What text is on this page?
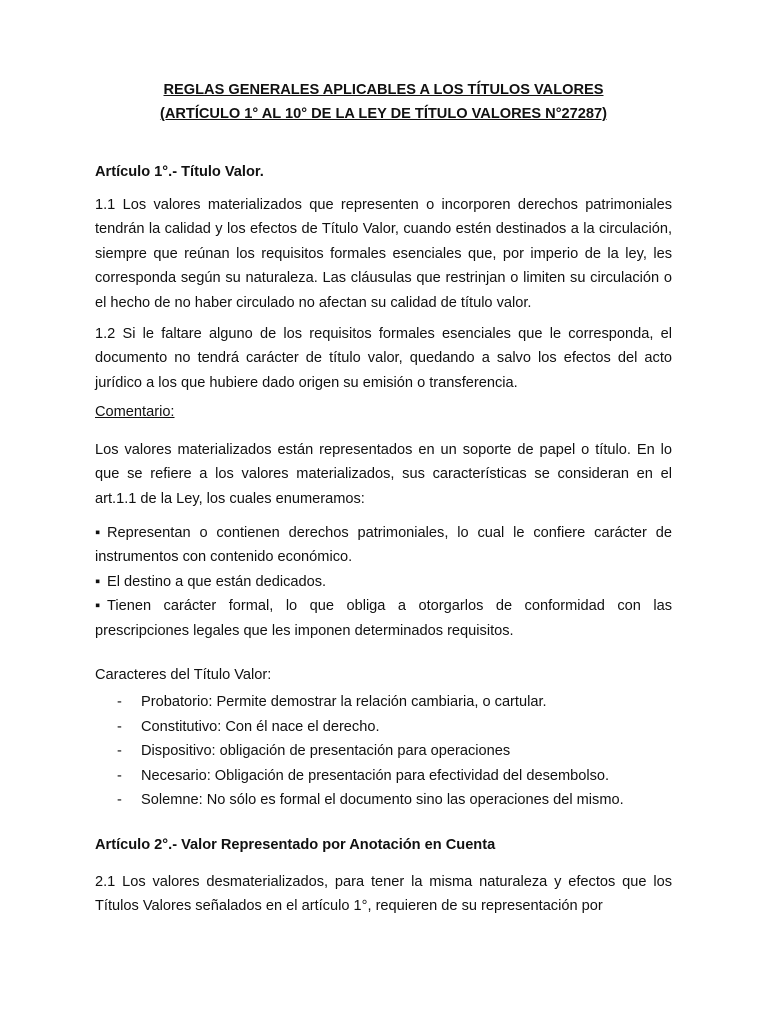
REGLAS GENERALES APLICABLES A LOS TÍTULOS VALORES
(ARTÍCULO 1° AL 10° DE LA LEY DE TÍTULO VALORES N°27287)

Artículo 1°.- Título Valor.

1.1 Los valores materializados que representen o incorporen derechos patrimoniales tendrán la calidad y los efectos de Título Valor, cuando estén destinados a la circulación, siempre que reúnan los requisitos formales esenciales que, por imperio de la ley, les corresponda según su naturaleza. Las cláusulas que restrinjan o limiten su circulación o el hecho de no haber circulado no afectan su calidad de título valor.

1.2 Si le faltare alguno de los requisitos formales esenciales que le corresponda, el documento no tendrá carácter de título valor, quedando a salvo los efectos del acto jurídico a los que hubiere dado origen su emisión o transferencia.

Comentario:

Los valores materializados están representados en un soporte de papel o título. En lo que se refiere a los valores materializados, sus características se consideran en el art.1.1 de la Ley, los cuales enumeramos:

▪ Representan o contienen derechos patrimoniales, lo cual le confiere carácter de instrumentos con contenido económico.
▪ El destino a que están dedicados.
▪ Tienen carácter formal, lo que obliga a otorgarlos de conformidad con las prescripciones legales que les imponen determinados requisitos.

Caracteres del Título Valor:

- Probatorio: Permite demostrar la relación cambiaria, o cartular.
- Constitutivo: Con él nace el derecho.
- Dispositivo: obligación de presentación para operaciones
- Necesario: Obligación de presentación para efectividad del desembolso.
- Solemne: No sólo es formal el documento sino las operaciones del mismo.

Artículo 2°.- Valor Representado por Anotación en Cuenta

2.1 Los valores desmaterializados, para tener la misma naturaleza y efectos que los Títulos Valores señalados en el artículo 1°, requieren de su representación por
